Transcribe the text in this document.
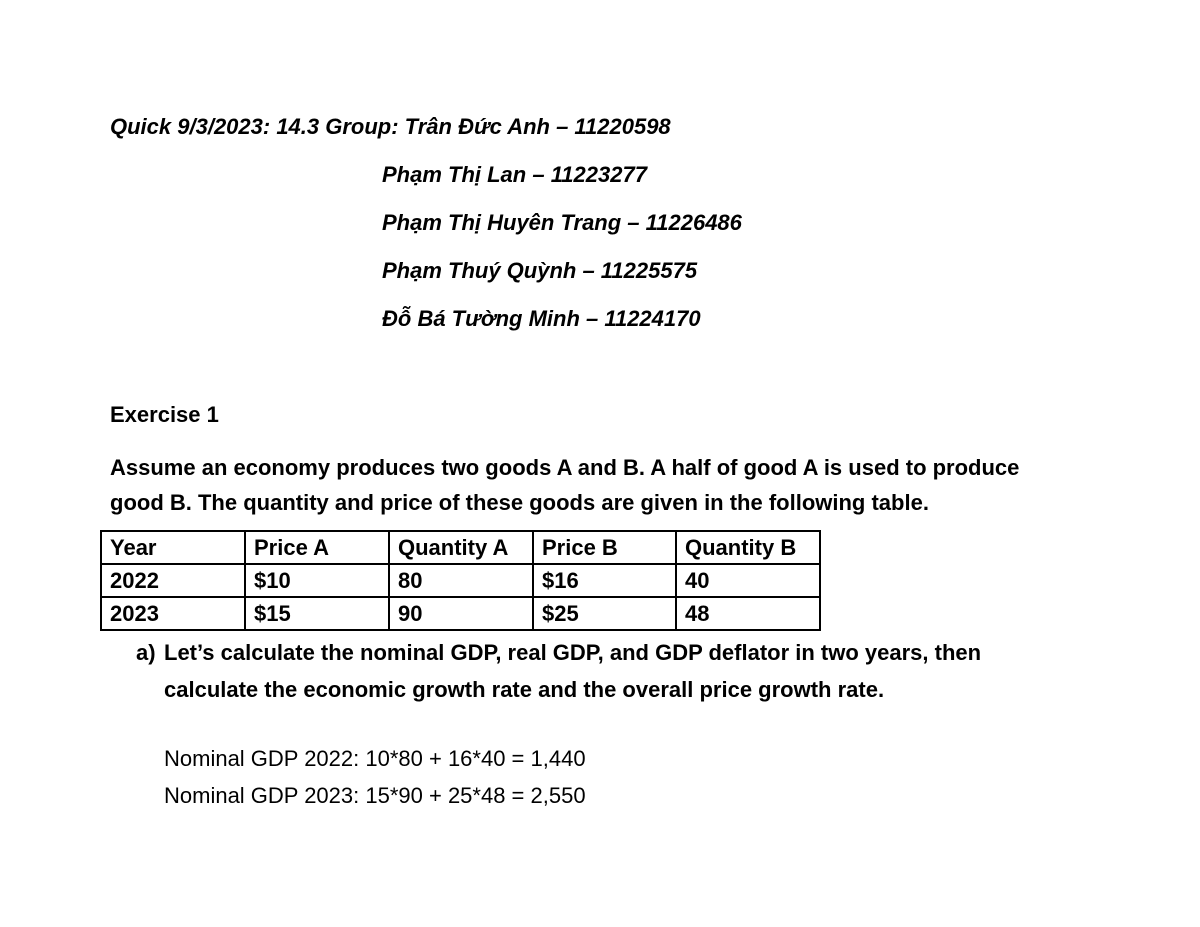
Quick 9/3/2023: 14.3 Group: Trân Đức Anh – 11220598
Phạm Thị Lan – 11223277
Phạm Thị Huyên Trang – 11226486
Phạm Thuý Quỳnh – 11225575
Đỗ Bá Tường Minh – 11224170
Exercise 1
Assume an economy produces two goods A and B. A half of good A is used to produce
good B. The quantity and price of these goods are given in the following table.
Year	Price A	Quantity A	Price B	Quantity B
2022	$10	80	$16	40
2023	$15	90	$25	48
a) Let’s calculate the nominal GDP, real GDP, and GDP deflator in two years, then
calculate the economic growth rate and the overall price growth rate.
Nominal GDP 2022: 10*80 + 16*40 = 1,440
Nominal GDP 2023: 15*90 + 25*48 = 2,550
